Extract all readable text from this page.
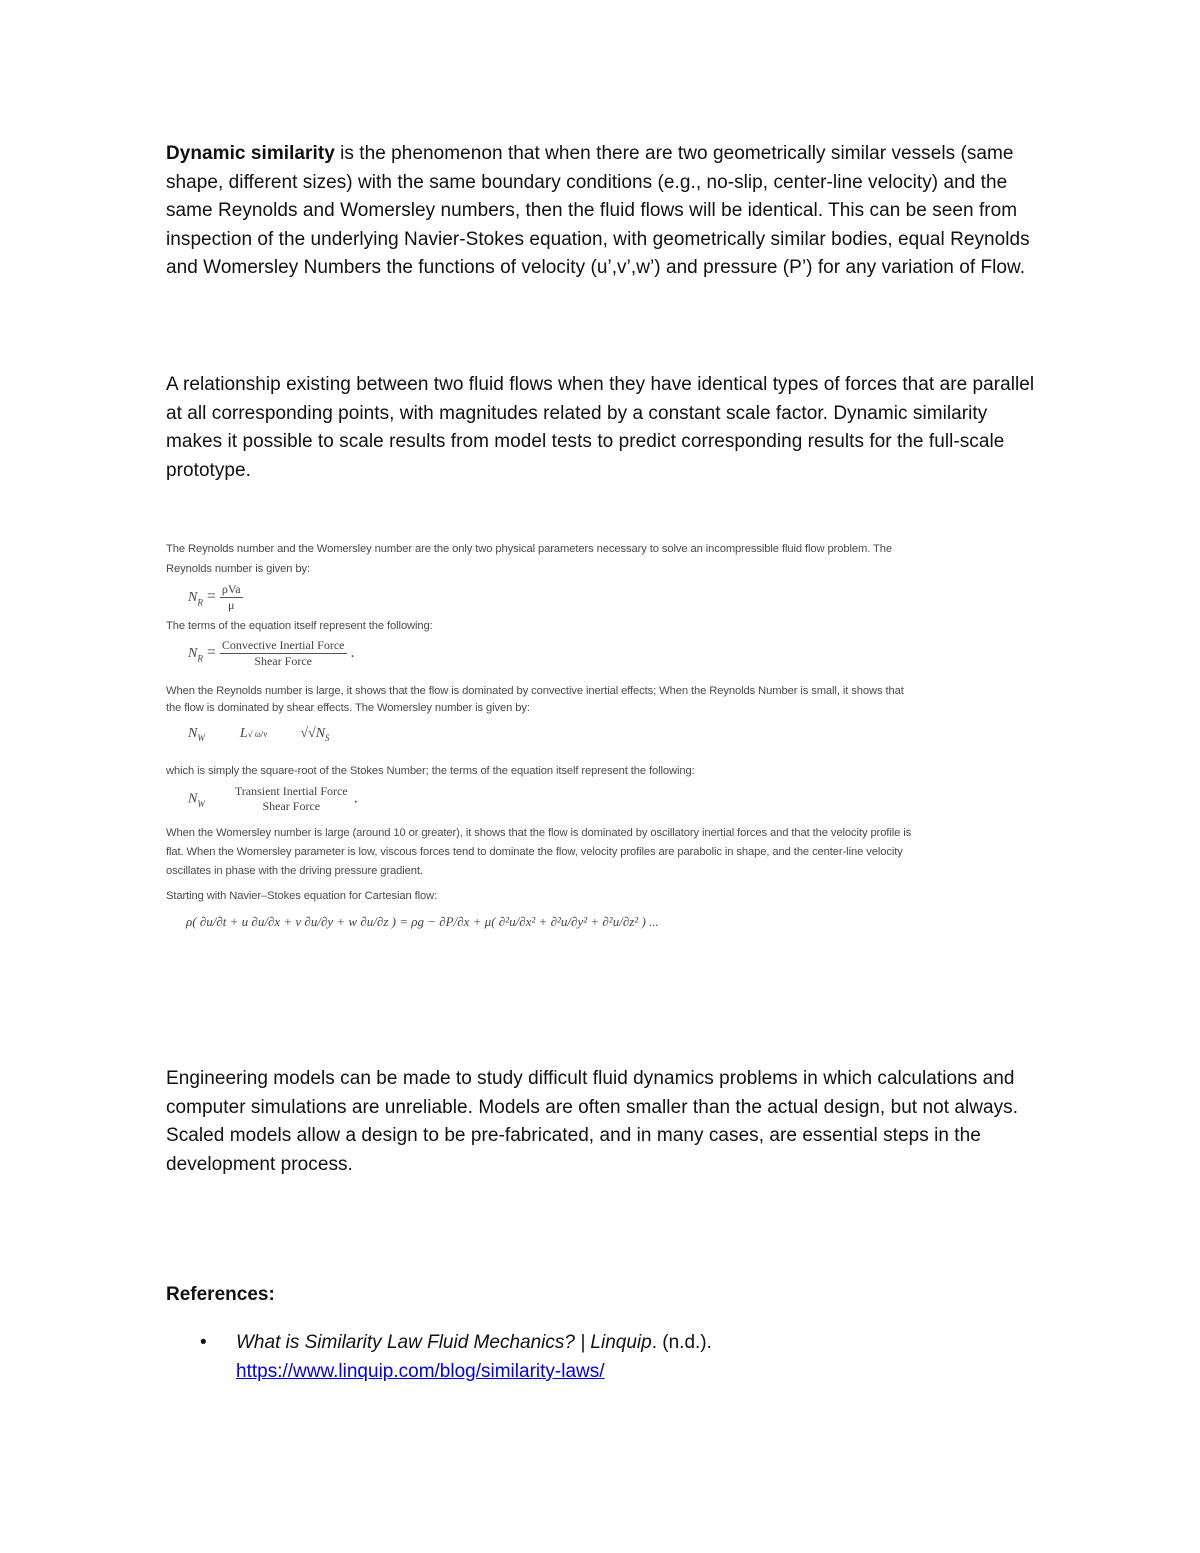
Dynamic similarity is the phenomenon that when there are two geometrically similar vessels (same shape, different sizes) with the same boundary conditions (e.g., no-slip, center-line velocity) and the same Reynolds and Womersley numbers, then the fluid flows will be identical. This can be seen from inspection of the underlying Navier-Stokes equation, with geometrically similar bodies, equal Reynolds and Womersley Numbers the functions of velocity (u’,v’,w’) and pressure (P’) for any variation of Flow.

A relationship existing between two fluid flows when they have identical types of forces that are parallel at all corresponding points, with magnitudes related by a constant scale factor. Dynamic similarity makes it possible to scale results from model tests to predict corresponding results for the full-scale prototype.

The Reynolds number and the Womersley number are the only two physical parameters necessary to solve an incompressible fluid flow problem. The
Reynolds number is given by:
$N_R = \frac{\text{ρVa}}{\mu}$
The terms of the equation itself represent the following:
$N_R = \frac{\text{Convective Inertial Force}}{\text{Shear Force}}$ .
When the Reynolds number is large, it shows that the flow is dominated by convective inertial effects; When the Reynolds Number is small, it shows that
the flow is dominated by shear effects. The Womersley number is given by:
$N_W$	L√ ω/ν $√√N_S$
which is simply the square-root of the Stokes Number; the terms of the equation itself represent the following:
$N_W$
Transient Inertial Force
Shear Force	.
When the Womersley number is large (around 10 or greater), it shows that the flow is dominated by oscillatory inertial forces and that the velocity profile is
flat. When the Womersley parameter is low, viscous forces tend to dominate the flow, velocity profiles are parabolic in shape, and the center-line velocity
oscillates in phase with the driving pressure gradient.
Starting with Navier–Stokes equation for Cartesian flow:
ρ( ∂u/∂t + u ∂u/∂x + v ∂u/∂y + w ∂u/∂z ) = ρg − ∂P/∂x + μ( ∂²u/∂x² + ∂²u/∂y² + ∂²u/∂z² ) ...

Engineering models can be made to study difficult fluid dynamics problems in which calculations and computer simulations are unreliable. Models are often smaller than the actual design, but not always. Scaled models allow a design to be pre-fabricated, and in many cases, are essential steps in the development process.

References:

• What is Similarity Law Fluid Mechanics? | Linquip. (n.d.).
https://www.linquip.com/blog/similarity-laws/
